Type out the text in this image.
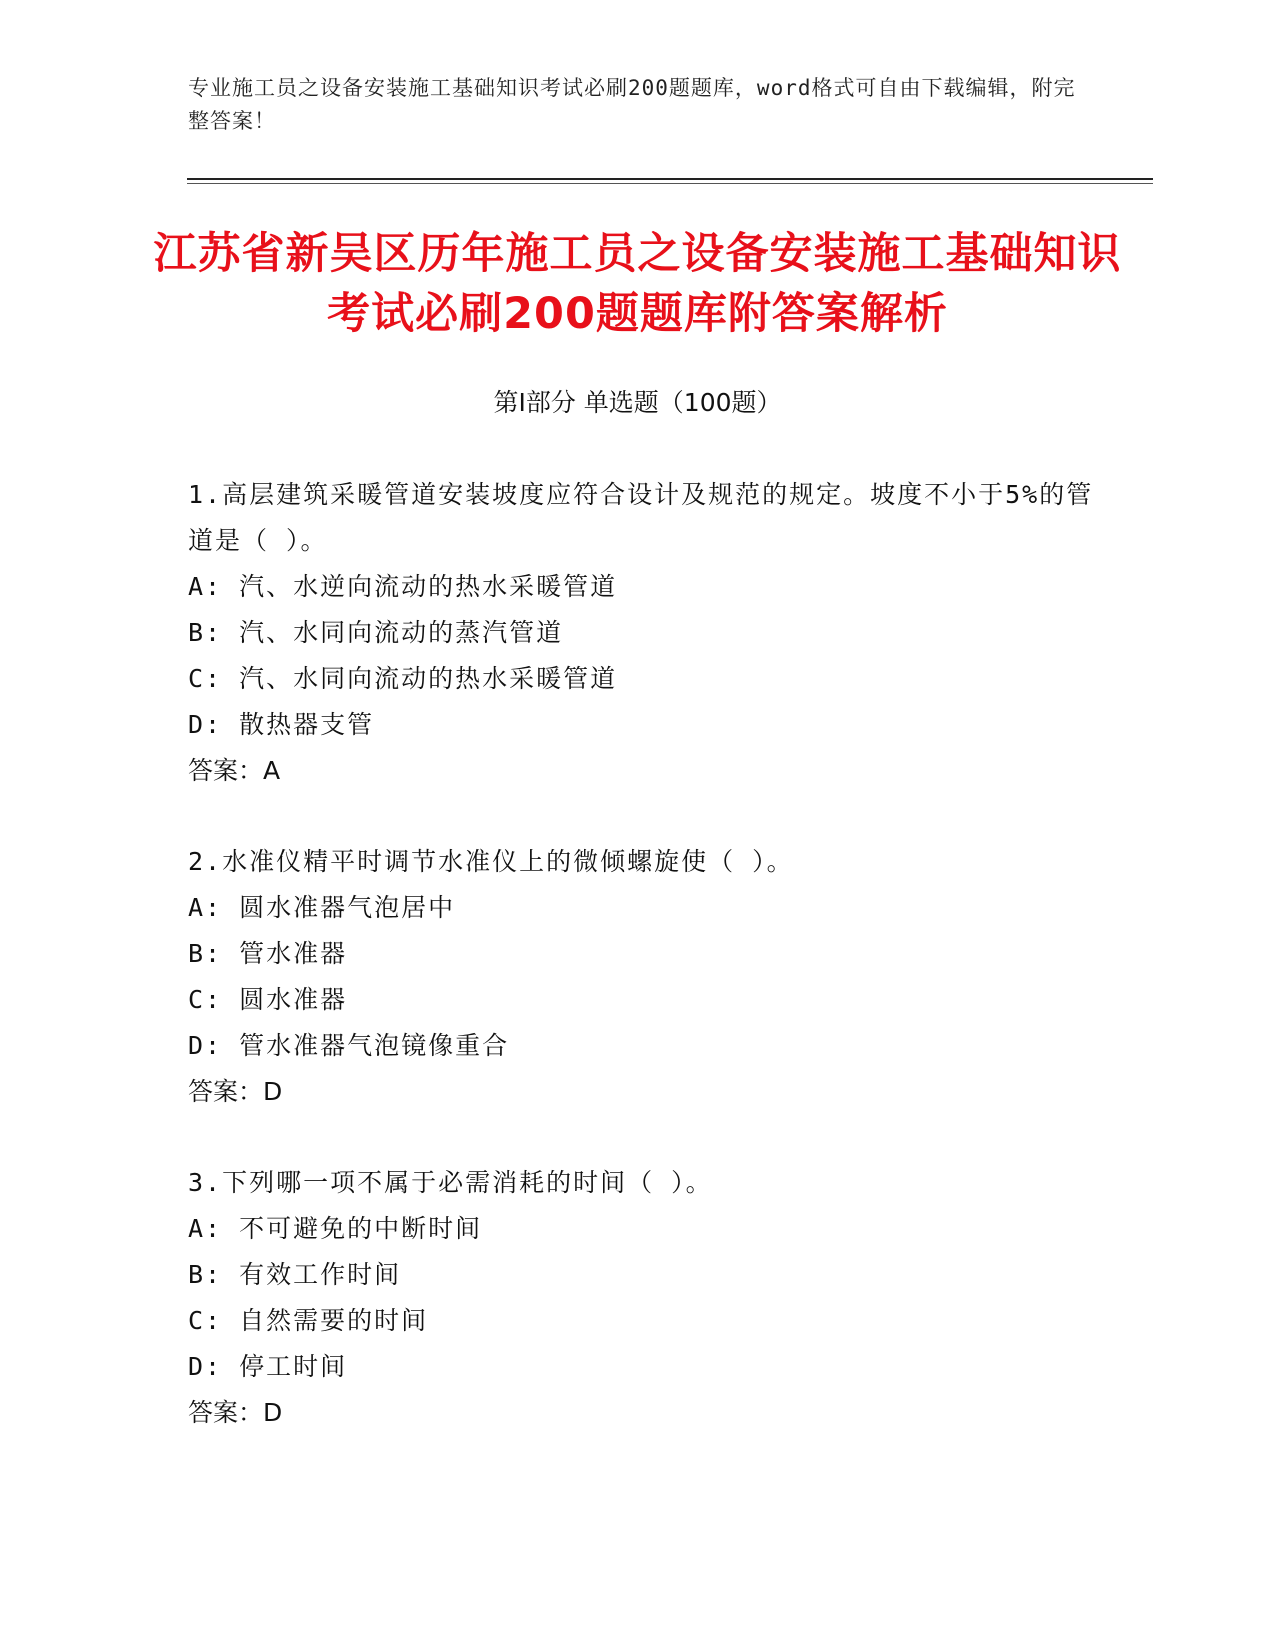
专业施工员之设备安装施工基础知识考试必刷200题题库，word格式可自由下载编辑，附完整答案！
江苏省新吴区历年施工员之设备安装施工基础知识考试必刷200题题库附答案解析
第Ⅰ部分 单选题（100题）
1.高层建筑采暖管道安装坡度应符合设计及规范的规定。坡度不小于5%的管道是（ ）。
A: 汽、水逆向流动的热水采暖管道
B: 汽、水同向流动的蒸汽管道
C: 汽、水同向流动的热水采暖管道
D: 散热器支管
答案：A
2.水准仪精平时调节水准仪上的微倾螺旋使（ ）。
A: 圆水准器气泡居中
B: 管水准器
C: 圆水准器
D: 管水准器气泡镜像重合
答案：D
3.下列哪一项不属于必需消耗的时间（ ）。
A: 不可避免的中断时间
B: 有效工作时间
C: 自然需要的时间
D: 停工时间
答案：D
